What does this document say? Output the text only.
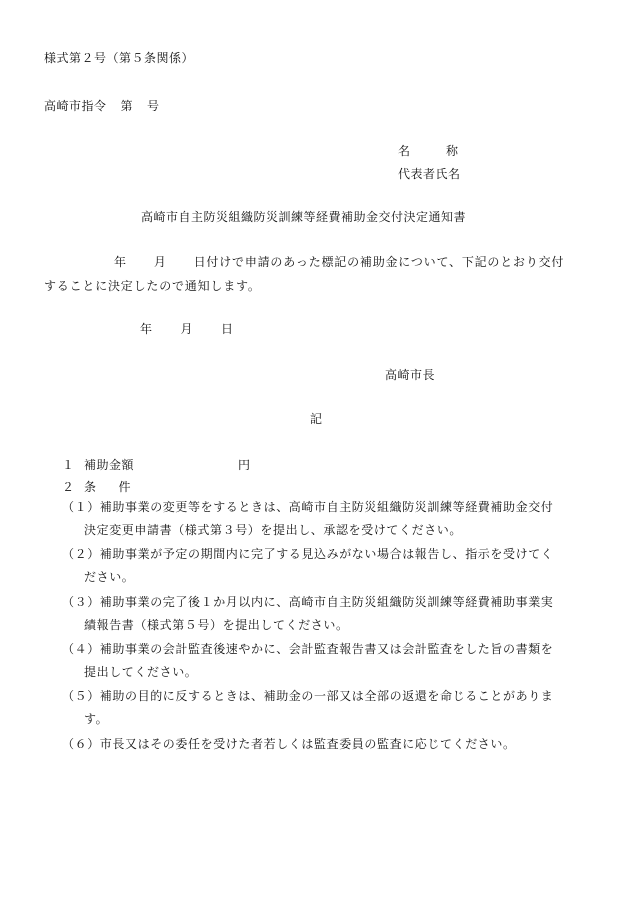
様式第２号（第５条関係）
高崎市指令 第 号
名	称
代表者氏名
高崎市自主防災組織防災訓練等経費補助金交付決定通知書
年 月 日付けで申請のあった標記の補助金について、下記のとおり交付
することに決定したので通知します。
年 月 日
高崎市長
記
１ 補助金額	円
２ 条 件
（１）補助事業の変更等をするときは、高崎市自主防災組織防災訓練等経費補助金交付
決定変更申請書（様式第３号）を提出し、承認を受けてください。
（２）補助事業が予定の期間内に完了する見込みがない場合は報告し、指示を受けてく
ださい。
（３）補助事業の完了後１か月以内に、高崎市自主防災組織防災訓練等経費補助事業実
績報告書（様式第５号）を提出してください。
（４）補助事業の会計監査後速やかに、会計監査報告書又は会計監査をした旨の書類を
提出してください。
（５）補助の目的に反するときは、補助金の一部又は全部の返還を命じることがありま
す。
（６）市長又はその委任を受けた者若しくは監査委員の監査に応じてください。
